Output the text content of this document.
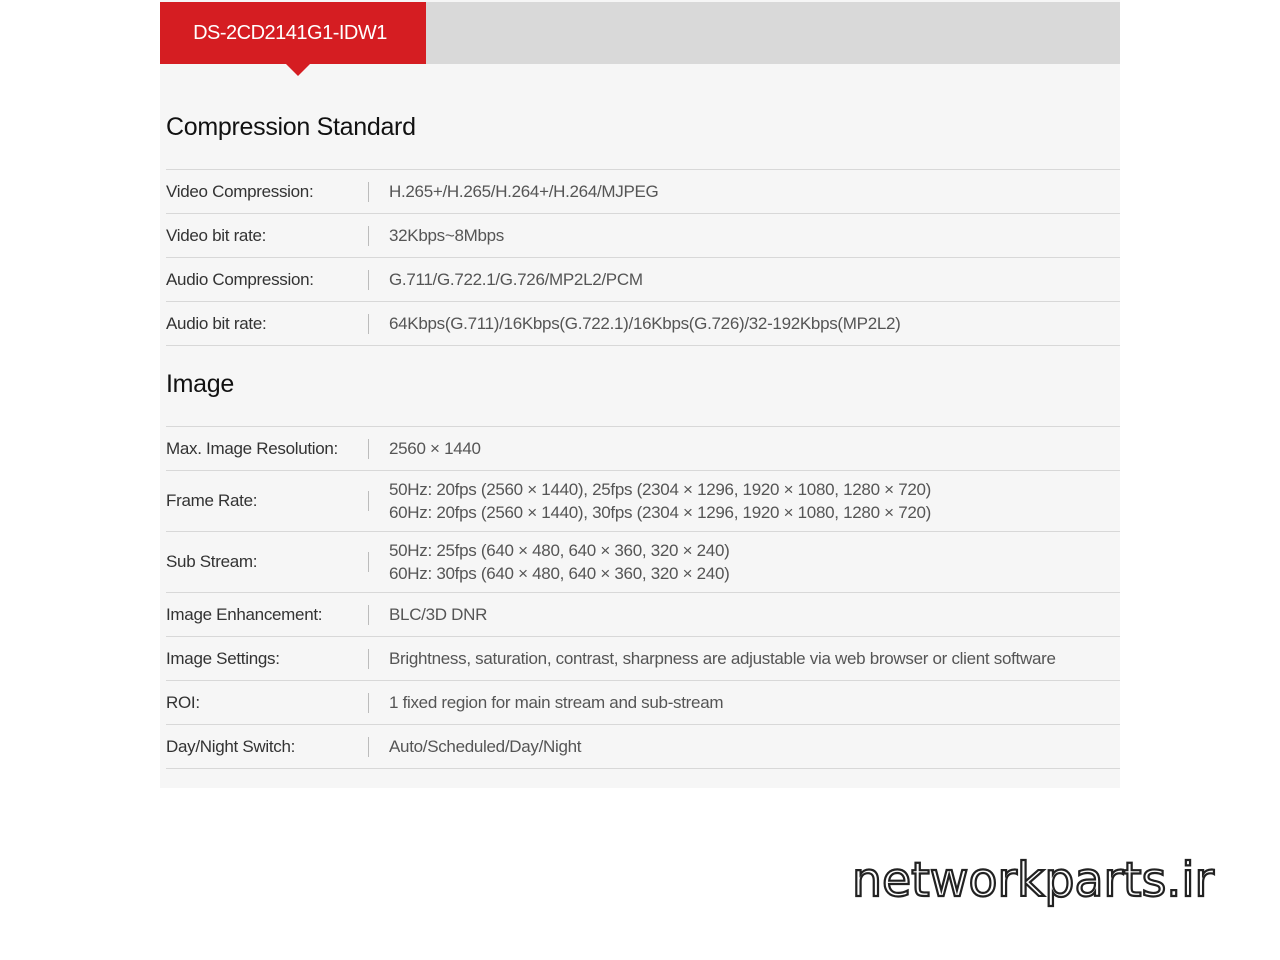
DS-2CD2141G1-IDW1
Compression Standard
Video Compression:	H.265+/H.265/H.264+/H.264/MJPEG
Video bit rate:	32Kbps~8Mbps
Audio Compression:	G.711/G.722.1/G.726/MP2L2/PCM
Audio bit rate:	64Kbps(G.711)/16Kbps(G.722.1)/16Kbps(G.726)/32-192Kbps(MP2L2)
Image
Max. Image Resolution:	2560 × 1440
Frame Rate:
50Hz: 20fps (2560 × 1440), 25fps (2304 × 1296, 1920 × 1080, 1280 × 720)
60Hz: 20fps (2560 × 1440), 30fps (2304 × 1296, 1920 × 1080, 1280 × 720)
Sub Stream:
50Hz: 25fps (640 × 480, 640 × 360, 320 × 240)
60Hz: 30fps (640 × 480, 640 × 360, 320 × 240)
Image Enhancement:	BLC/3D DNR
Image Settings:	Brightness, saturation, contrast, sharpness are adjustable via web browser or client software
ROI:	1 fixed region for main stream and sub-stream
Day/Night Switch:	Auto/Scheduled/Day/Night
networkparts.ir
